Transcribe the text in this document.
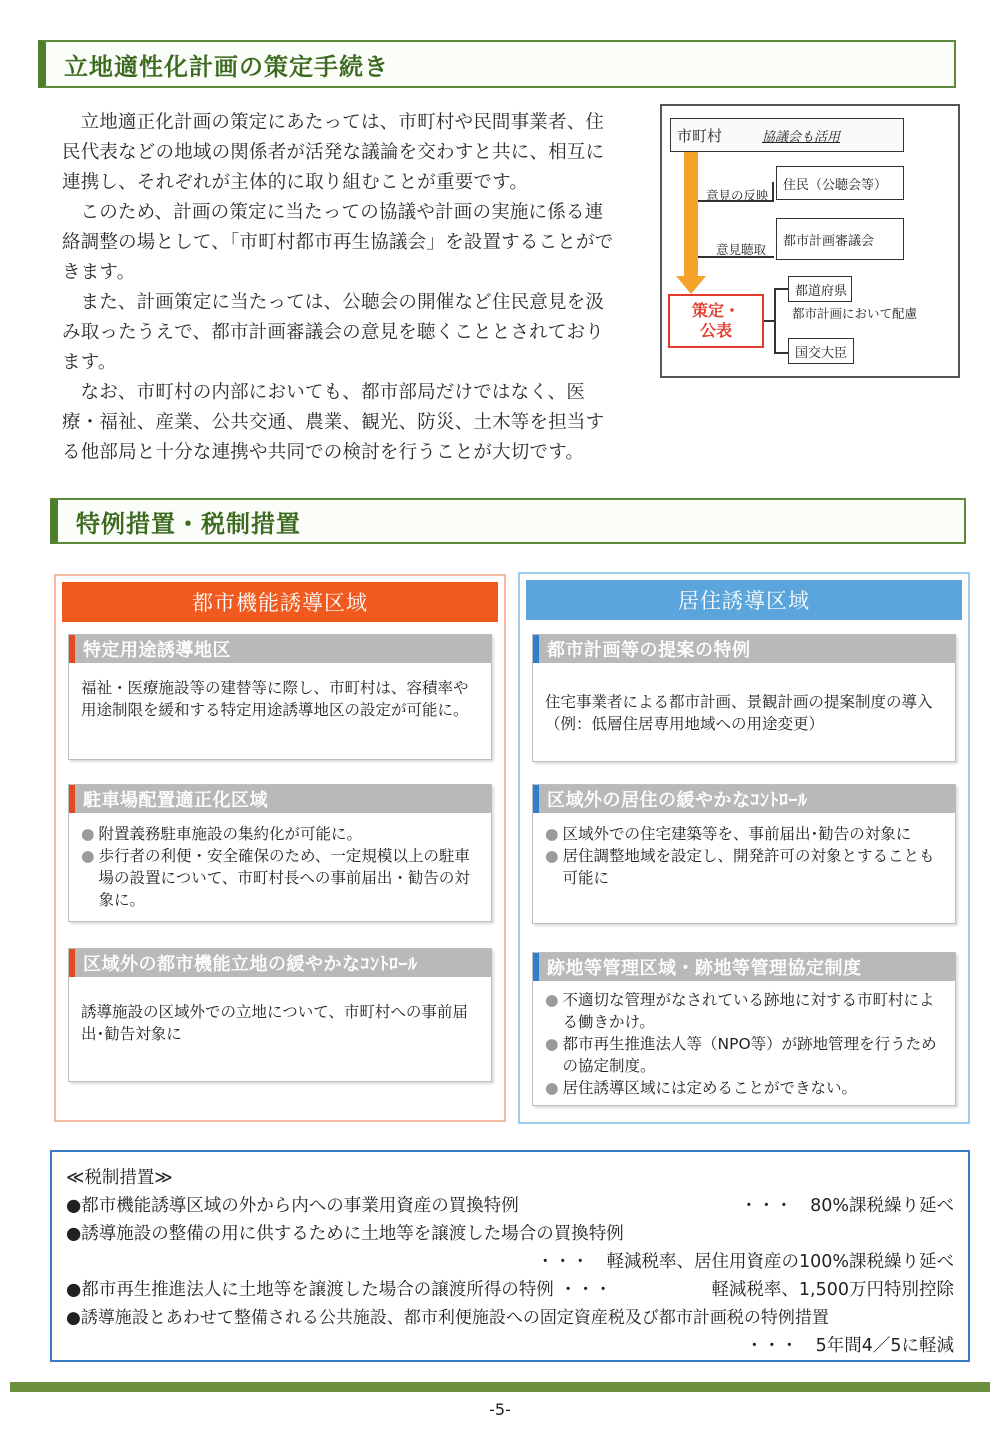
立地適性化計画の策定手続き

立地適正化計画の策定にあたっては、市町村や民間事業者、住民代表などの地域の関係者が活発な議論を交わすと共に、相互に連携し、それぞれが主体的に取り組むことが重要です。

このため、計画の策定に当たっての協議や計画の実施に係る連絡調整の場として、「市町村都市再生協議会」を設置することができます。

また、計画策定に当たっては、公聴会の開催など住民意見を汲み取ったうえで、都市計画審議会の意見を聴くこととされております。

なお、市町村の内部においても、都市部局だけではなく、医療・福祉、産業、公共交通、農業、観光、防災、土木等を担当する他部局と十分な連携や共同での検討を行うことが大切です。

市町村	協議会も活用
意見の反映
住民（公聴会等）
意見聴取
都市計画審議会
策定・
公表
都道府県
都市計画において配慮
国交大臣
特例措置・税制措置
都市機能誘導区域
特定用途誘導地区
福祉・医療施設等の建替等に際し、市町村は、容積率や用途制限を緩和する特定用途誘導地区の設定が可能に。
駐車場配置適正化区域
● 附置義務駐車施設の集約化が可能に。
● 歩行者の利便・安全確保のため、一定規模以上の駐車場の設置について、市町村長への事前届出・勧告の対象に。
区域外の都市機能立地の緩やかなｺﾝﾄﾛｰﾙ
誘導施設の区域外での立地について、市町村への事前届出･勧告対象に
居住誘導区域
都市計画等の提案の特例
住宅事業者による都市計画、景観計画の提案制度の導入（例：低層住居専用地域への用途変更）
区域外の居住の緩やかなｺﾝﾄﾛｰﾙ
● 区域外での住宅建築等を、事前届出･勧告の対象に
● 居住調整地域を設定し、開発許可の対象とすることも可能に
跡地等管理区域・跡地等管理協定制度
● 不適切な管理がなされている跡地に対する市町村による働きかけ。
● 都市再生推進法人等（NPO等）が跡地管理を行うための協定制度。
● 居住誘導区域には定めることができない。
≪税制措置≫
●都市機能誘導区域の外から内への事業用資産の買換特例	・・・　80%課税繰り延べ
●誘導施設の整備の用に供するために土地等を譲渡した場合の買換特例
・・・　軽減税率、居住用資産の100%課税繰り延べ
●都市再生推進法人に土地等を譲渡した場合の譲渡所得の特例 ・・・	軽減税率、1,500万円特別控除
●誘導施設とあわせて整備される公共施設、都市利便施設への固定資産税及び都市計画税の特例措置
・・・　5年間4／5に軽減
-5-
